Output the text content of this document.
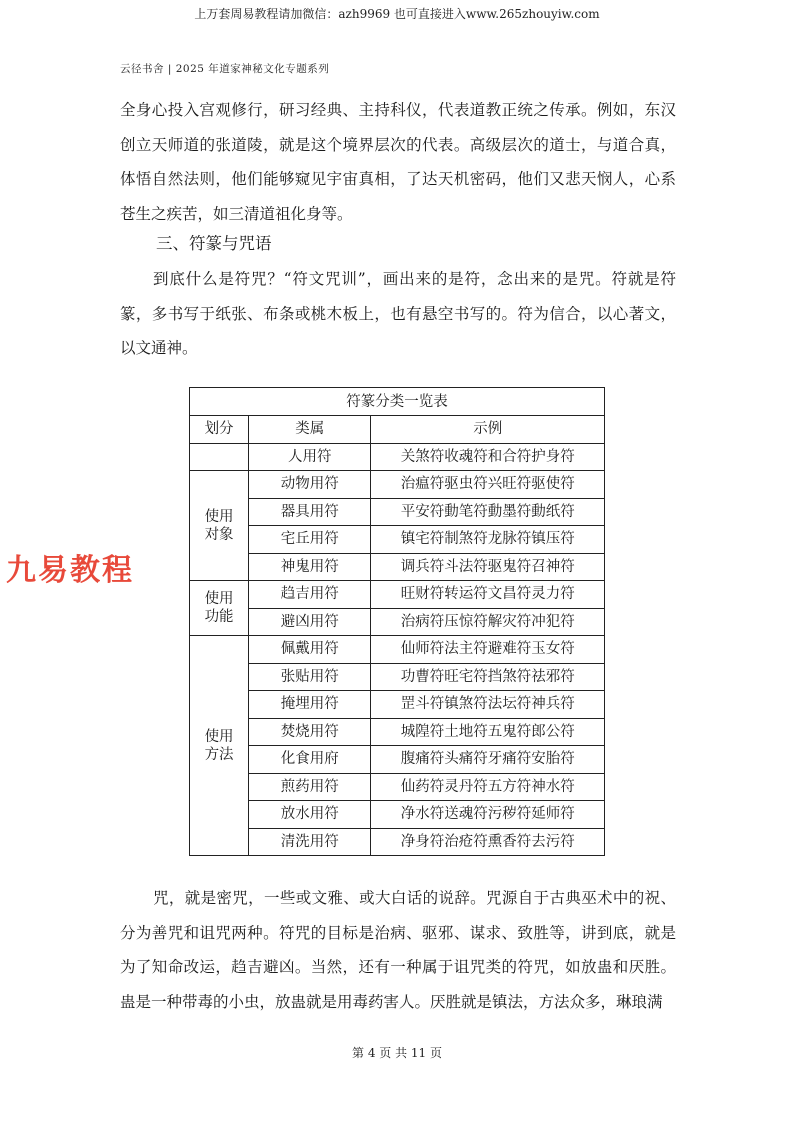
上万套周易教程请加微信：azh9969 也可直接进入www.265zhouyiw.com
云径书舍 | 2025 年道家神秘文化专题系列

全身心投入宫观修行，研习经典、主持科仪，代表道教正统之传承。例如，东汉创立天师道的张道陵，就是这个境界层次的代表。高级层次的道士，与道合真，体悟自然法则，他们能够窥见宇宙真相，了达天机密码，他们又悲天悯人，心系苍生之疾苦，如三清道祖化身等。

三、符篆与咒语

到底什么是符咒？“符文咒训”，画出来的是符，念出来的是咒。符就是符篆，多书写于纸张、布条或桃木板上，也有悬空书写的。符为信合，以心著文，以文通神。

九易教程
符篆分类一览表		
划分	类属	示例
	人用符	关煞符收魂符和合符护身符
使用
对象	动物用符	治瘟符驱虫符兴旺符驱使符
	器具用符	平安符動笔符動墨符動纸符
	宅丘用符	镇宅符制煞符龙脉符镇压符
	神鬼用符	调兵符斗法符驱鬼符召神符
使用
功能	趋吉用符	旺财符转运符文昌符灵力符
	避凶用符	治病符压惊符解灾符冲犯符
使用
方法	佩戴用符	仙师符法主符避难符玉女符
	张贴用符	功曹符旺宅符挡煞符祛邪符
	掩埋用符	罡斗符镇煞符法坛符神兵符
	焚烧用符	城隍符土地符五鬼符郎公符
	化食用府	腹痛符头痛符牙痛符安胎符
	煎药用符	仙药符灵丹符五方符神水符
	放水用符	净水符送魂符污秽符延师符
	清洗用符	净身符治疮符熏香符去污符

咒，就是密咒，一些或文雅、或大白话的说辞。咒源自于古典巫术中的祝、分为善咒和诅咒两种。符咒的目标是治病、驱邪、谋求、致胜等，讲到底，就是为了知命改运，趋吉避凶。当然，还有一种属于诅咒类的符咒，如放蛊和厌胜。蛊是一种带毒的小虫，放蛊就是用毒药害人。厌胜就是镇法，方法众多，琳琅满

第 4 页 共 11 页
